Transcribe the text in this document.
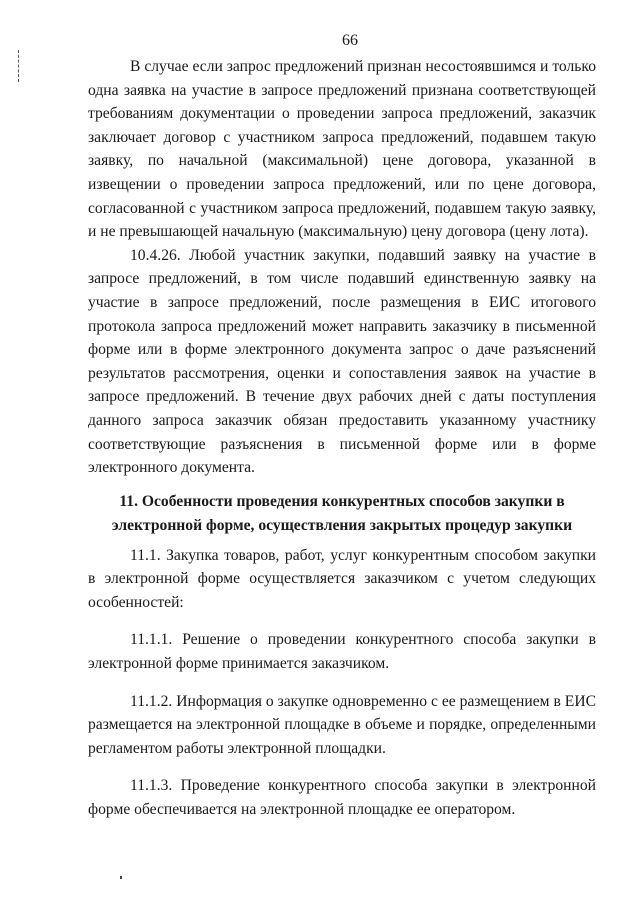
66

В случае если запрос предложений признан несостоявшимся и только одна заявка на участие в запросе предложений признана соответствующей требованиям документации о проведении запроса предложений, заказчик заключает договор с участником запроса предложений, подавшем такую заявку, по начальной (максимальной) цене договора, указанной в извещении о проведении запроса предложений, или по цене договора, согласованной с участником запроса предложений, подавшем такую заявку, и не превышающей начальную (максимальную) цену договора (цену лота).

10.4.26. Любой участник закупки, подавший заявку на участие в запросе предложений, в том числе подавший единственную заявку на участие в запросе предложений, после размещения в ЕИС итогового протокола запроса предложений может направить заказчику в письменной форме или в форме электронного документа запрос о даче разъяснений результатов рассмотрения, оценки и сопоставления заявок на участие в запросе предложений. В течение двух рабочих дней с даты поступления данного запроса заказчик обязан предоставить указанному участнику соответствующие разъяснения в письменной форме или в форме электронного документа.

11. Особенности проведения конкурентных способов закупки в
электронной форме, осуществления закрытых процедур закупки

11.1. Закупка товаров, работ, услуг конкурентным способом закупки в электронной форме осуществляется заказчиком с учетом следующих особенностей:

11.1.1. Решение о проведении конкурентного способа закупки в электронной форме принимается заказчиком.

11.1.2. Информация о закупке одновременно с ее размещением в ЕИС размещается на электронной площадке в объеме и порядке, определенными регламентом работы электронной площадки.

11.1.3. Проведение конкурентного способа закупки в электронной форме обеспечивается на электронной площадке ее оператором.
